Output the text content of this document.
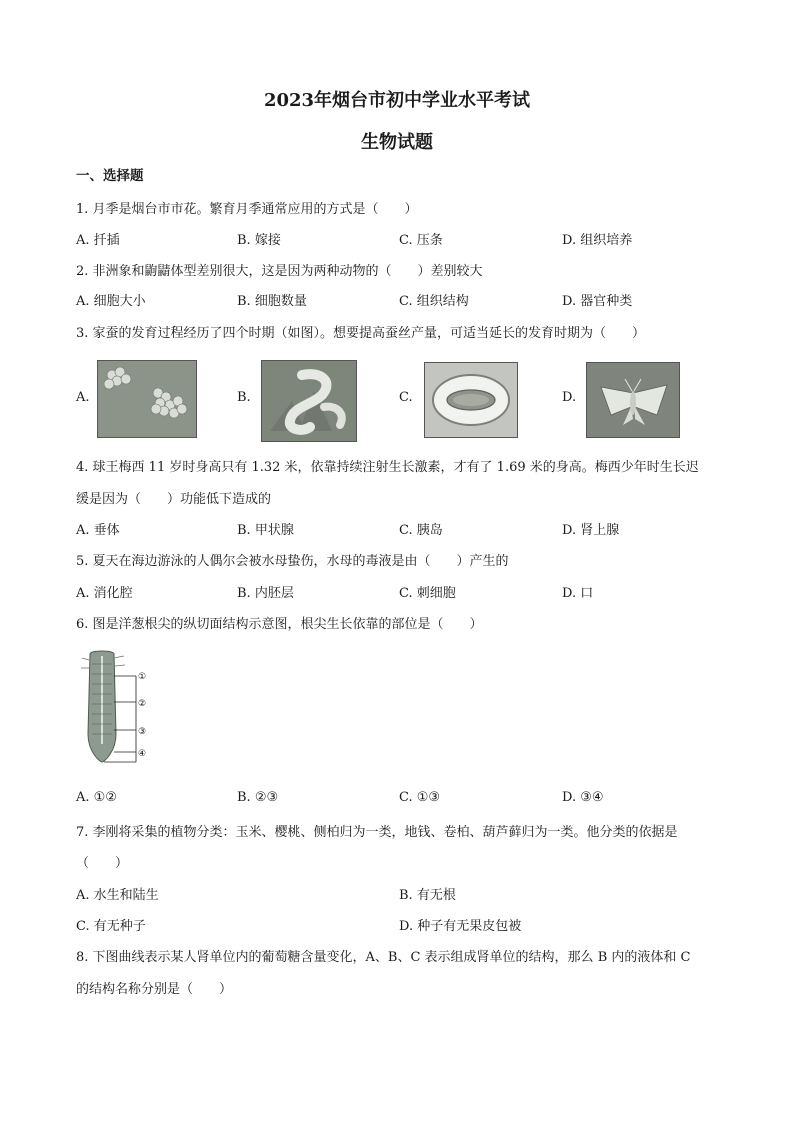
2023年烟台市初中学业水平考试
生物试题
一、选择题
1. 月季是烟台市市花。繁育月季通常应用的方式是（　　）
A. 扦插	B. 嫁接	C. 压条	D. 组织培养
2. 非洲象和鼩鼱体型差别很大，这是因为两种动物的（　　）差别较大
A. 细胞大小	B. 细胞数量	C. 组织结构	D. 器官种类
3. 家蚕的发育过程经历了四个时期（如图）。想要提高蚕丝产量，可适当延长的发育时期为（　　）
A.	B.	C.	D.
4. 球王梅西 11 岁时身高只有 1.32 米，依靠持续注射生长激素，才有了 1.69 米的身高。梅西少年时生长迟
缓是因为（　　）功能低下造成的
A. 垂体	B. 甲状腺	C. 胰岛	D. 肾上腺
5. 夏天在海边游泳的人偶尔会被水母蛰伤，水母的毒液是由（　　）产生的
A. 消化腔	B. 内胚层	C. 刺细胞	D. 口
6. 图是洋葱根尖的纵切面结构示意图，根尖生长依靠的部位是（　　）
①
②
③
④
A. ①②	B. ②③	C. ①③	D. ③④
7. 李刚将采集的植物分类：玉米、樱桃、侧柏归为一类，地钱、卷柏、葫芦藓归为一类。他分类的依据是
（　　）
A. 水生和陆生	B. 有无根
C. 有无种子	D. 种子有无果皮包被
8. 下图曲线表示某人肾单位内的葡萄糖含量变化，A、B、C 表示组成肾单位的结构，那么 B 内的液体和 C
的结构名称分别是（　　）
